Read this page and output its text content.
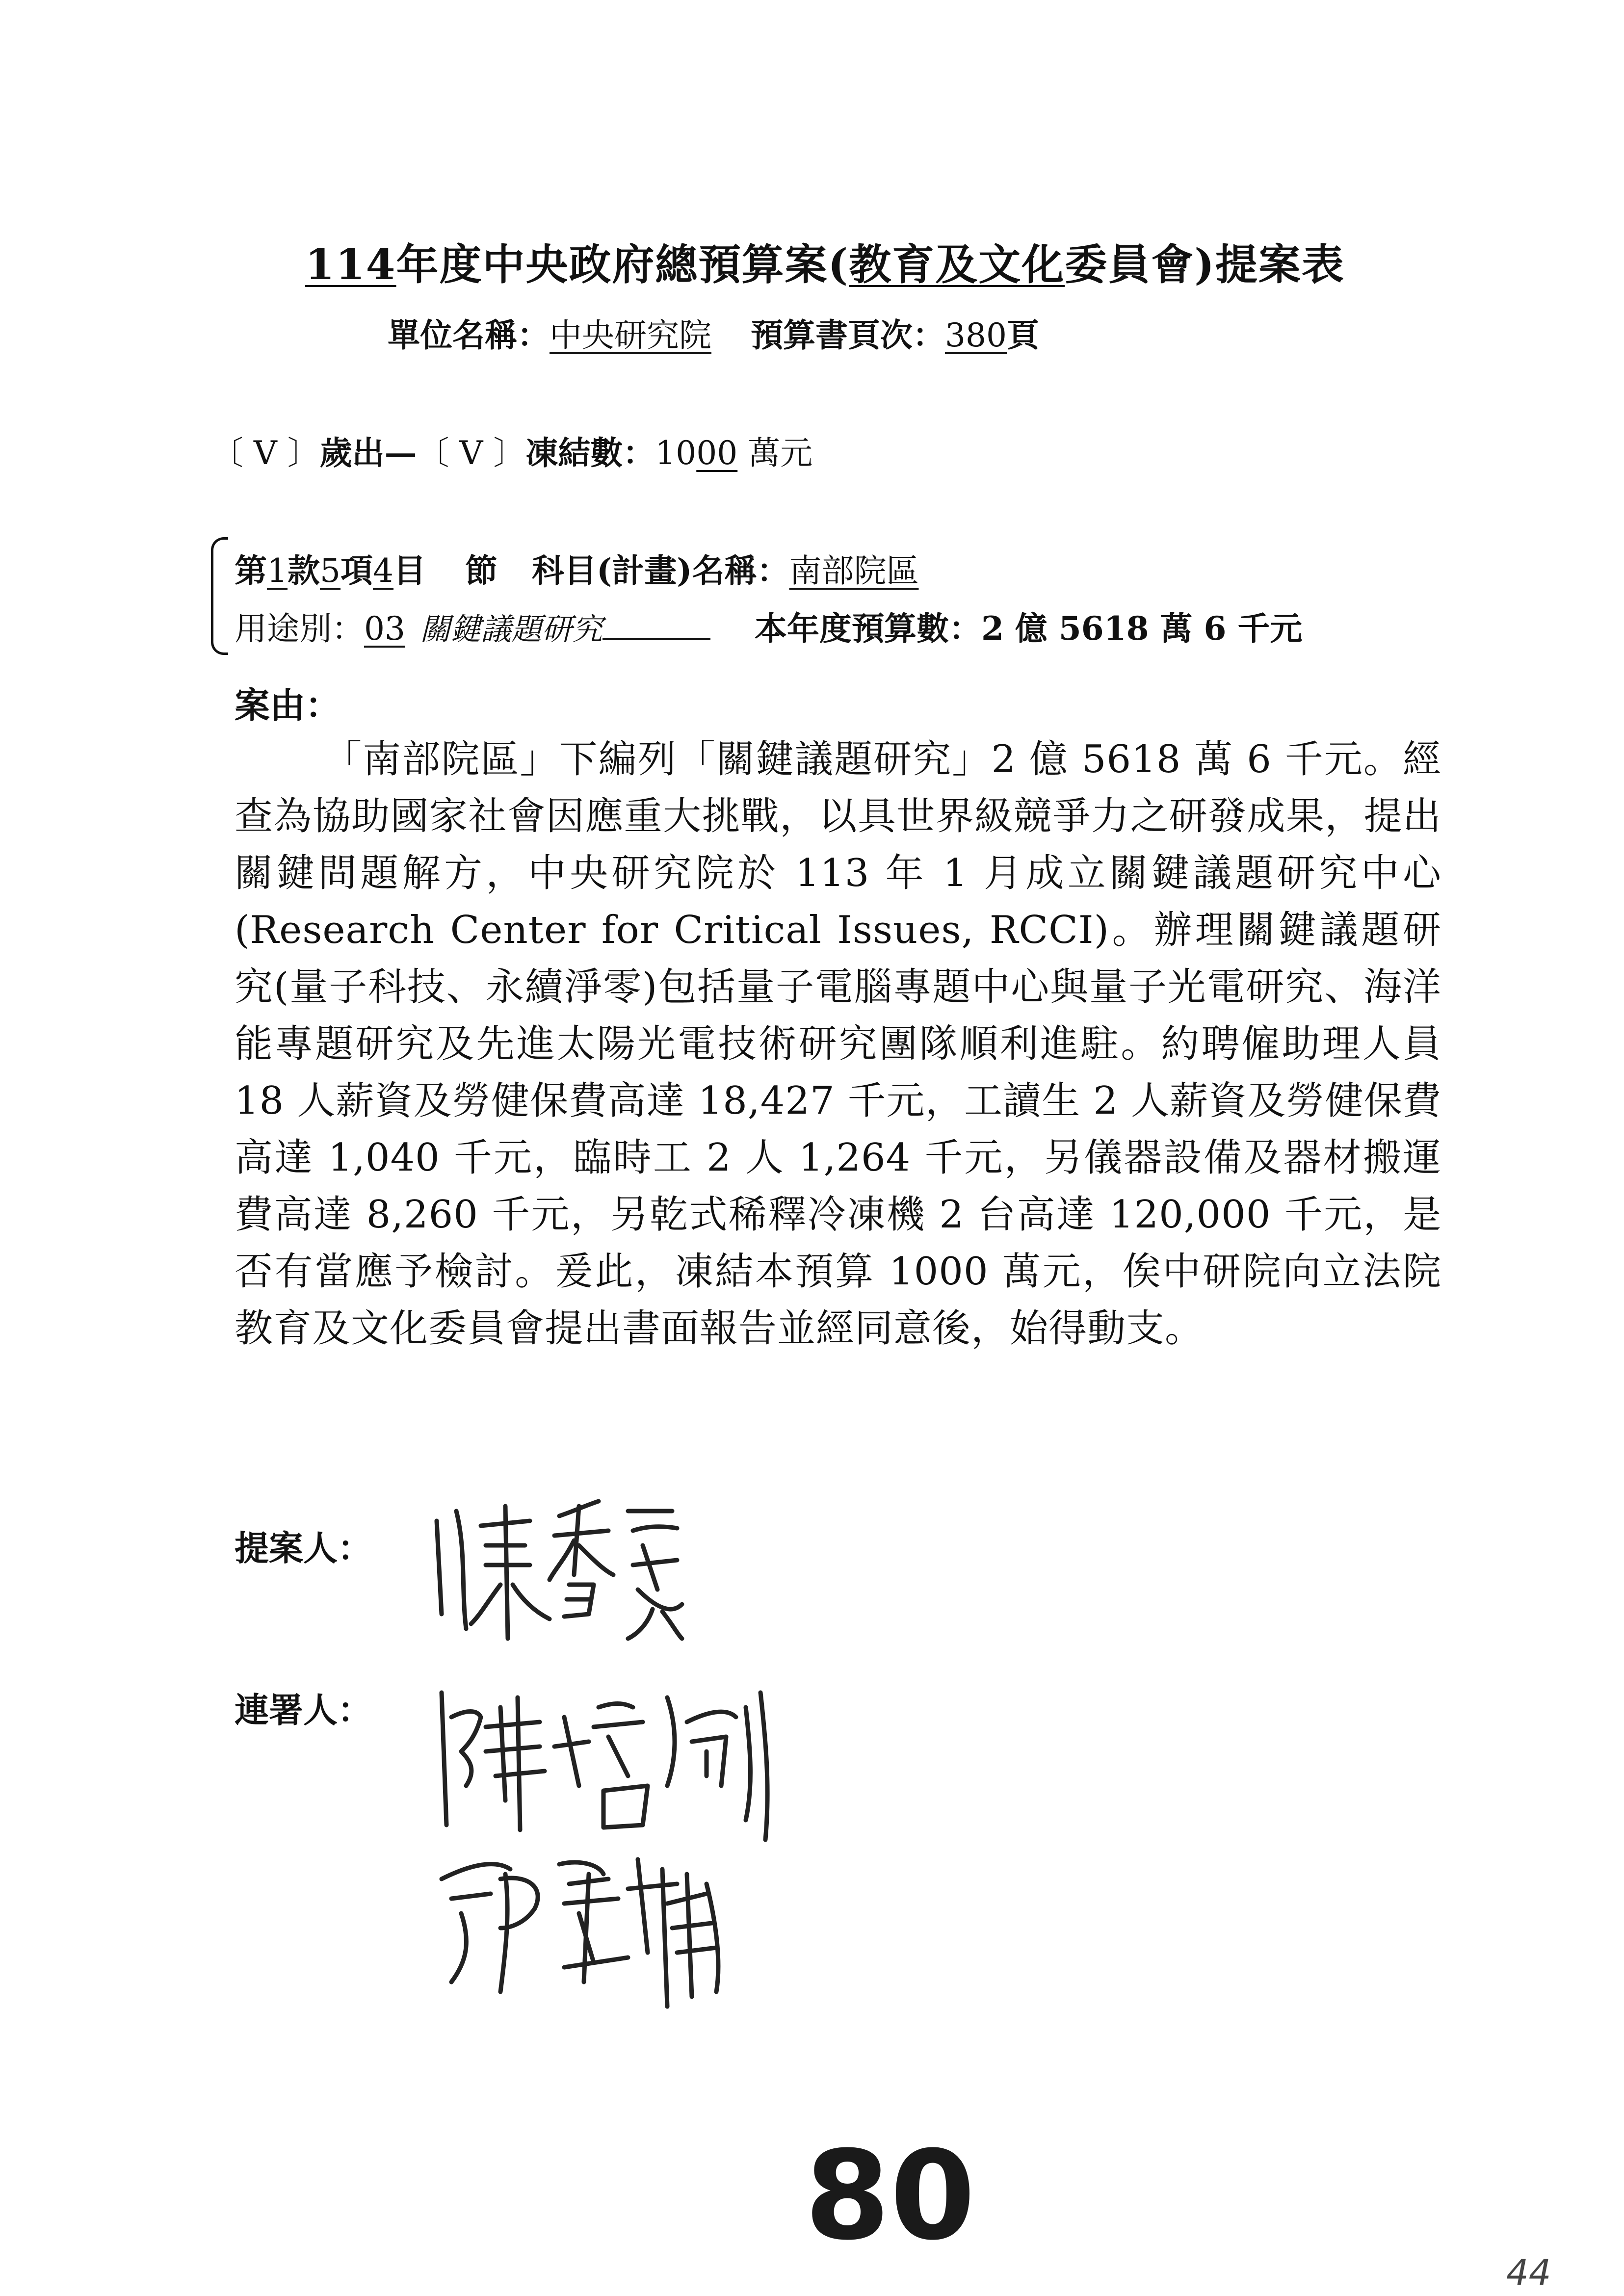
114年度中央政府總預算案(教育及文化委員會)提案表
單位名稱：中央研究院 預算書頁次：380頁
〔 V 〕歲出—〔 V 〕凍結數：1000 萬元
第1款5項4目 節 科目(計畫)名稱：南部院區
用途別：03 關鍵議題研究	本年度預算數：2 億 5618 萬 6 千元
案由：
「南部院區」下編列「關鍵議題研究」2 億 5618 萬 6 千元。經查為協助國家社會因應重大挑戰，以具世界級競爭力之研發成果，提出關鍵問題解方，中央研究院於 113 年 1 月成立關鍵議題研究中心(Research Center for Critical Issues, RCCI)。辦理關鍵議題研究(量子科技、永續淨零)包括量子電腦專題中心與量子光電研究、海洋能專題研究及先進太陽光電技術研究團隊順利進駐。約聘僱助理人員 18 人薪資及勞健保費高達 18,427 千元，工讀生 2 人薪資及勞健保費高達 1,040 千元，臨時工 2 人 1,264 千元，另儀器設備及器材搬運費高達 8,260 千元，另乾式稀釋冷凍機 2 台高達 120,000 千元，是否有當應予檢討。爰此，凍結本預算 1000 萬元，俟中研院向立法院教育及文化委員會提出書面報告並經同意後，始得動支。
提案人：
連署人：
80
44
